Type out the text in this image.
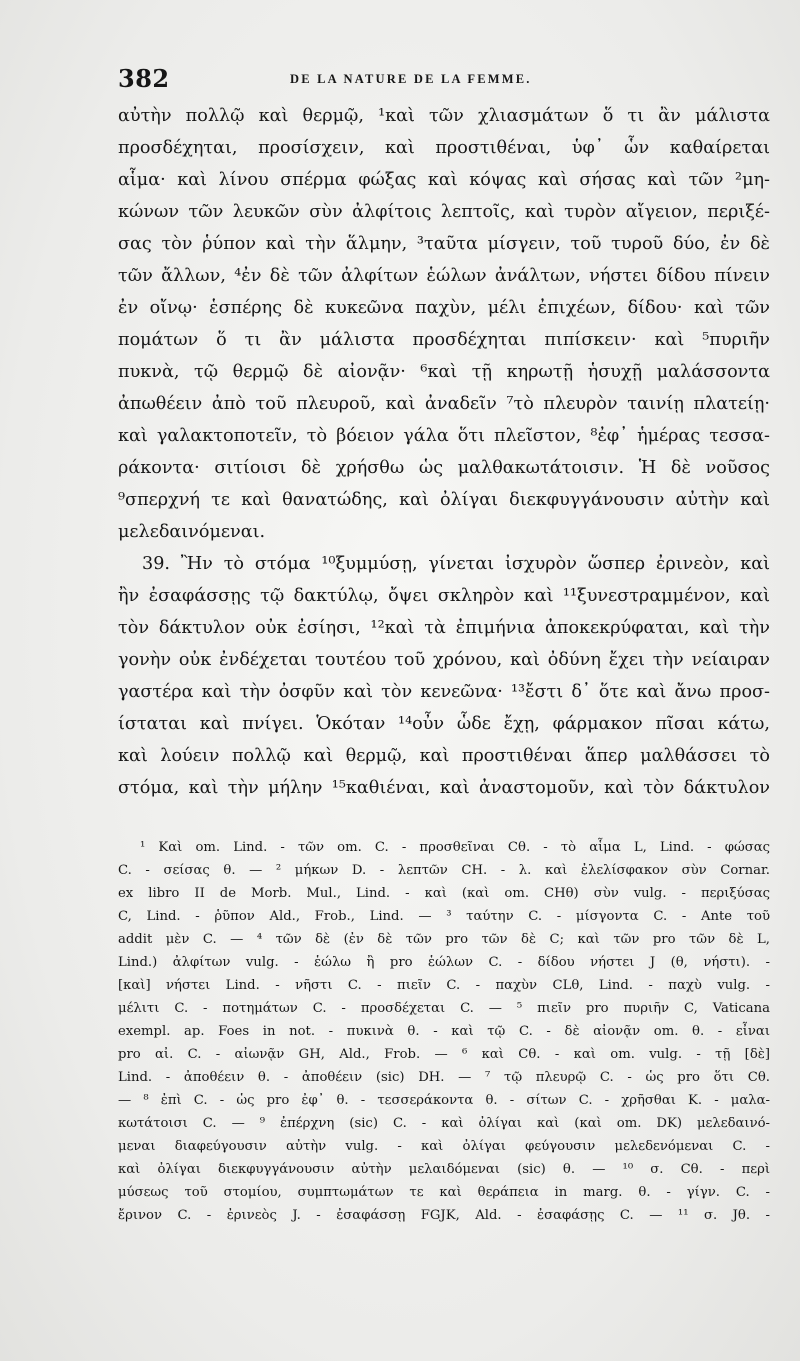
382	DE LA NATURE DE LA FEMME.
αὐτὴν πολλῷ καὶ θερμῷ, ¹καὶ τῶν χλιασμάτων ὅ τι ἂν μάλιστα
προσδέχηται, προσίσχειν, καὶ προστιθέναι, ὑφ᾽ ὧν καθαίρεται
αἷμα· καὶ λίνου σπέρμα φώξας καὶ κόψας καὶ σήσας καὶ τῶν ²μη-
κώνων τῶν λευκῶν σὺν ἀλφίτοις λεπτοῖς, καὶ τυρὸν αἴγειον, περιξέ-
σας τὸν ῥύπον καὶ τὴν ἅλμην, ³ταῦτα μίσγειν, τοῦ τυροῦ δύο, ἐν δὲ
τῶν ἄλλων, ⁴ἐν δὲ τῶν ἀλφίτων ἑώλων ἀνάλτων, νήστει δίδου πίνειν
ἐν οἴνῳ· ἑσπέρης δὲ κυκεῶνα παχὺν, μέλι ἐπιχέων, δίδου· καὶ τῶν
πομάτων ὅ τι ἂν μάλιστα προσδέχηται πιπίσκειν· καὶ ⁵πυριῆν
πυκνὰ, τῷ θερμῷ δὲ αἰονᾷν· ⁶καὶ τῇ κηρωτῇ ἡσυχῇ μαλάσσοντα
ἀπωθέειν ἀπὸ τοῦ πλευροῦ, καὶ ἀναδεῖν ⁷τὸ πλευρὸν ταινίῃ πλατείῃ·
καὶ γαλακτοποτεῖν, τὸ βόειον γάλα ὅτι πλεῖστον, ⁸ἐφ᾽ ἡμέρας τεσσα-
ράκοντα· σιτίοισι δὲ χρήσθω ὡς μαλθακωτάτοισιν. Ἡ δὲ νοῦσος
⁹σπερχνή τε καὶ θανατώδης, καὶ ὀλίγαι διεκφυγγάνουσιν αὐτὴν καὶ
μελεδαινόμεναι.
39. Ἢν τὸ στόμα ¹⁰ξυμμύσῃ, γίνεται ἰσχυρὸν ὥσπερ ἐρινεὸν, καὶ
ἢν ἐσαφάσσῃς τῷ δακτύλῳ, ὄψει σκληρὸν καὶ ¹¹ξυνεστραμμένον, καὶ
τὸν δάκτυλον οὐκ ἐσίησι, ¹²καὶ τὰ ἐπιμήνια ἀποκεκρύφαται, καὶ τὴν
γονὴν οὐκ ἐνδέχεται τουτέου τοῦ χρόνου, καὶ ὀδύνη ἔχει τὴν νείαιραν
γαστέρα καὶ τὴν ὀσφῦν καὶ τὸν κενεῶνα· ¹³ἔστι δ᾽ ὅτε καὶ ἄνω προσ-
ίσταται καὶ πνίγει. Ὁκόταν ¹⁴οὖν ὧδε ἔχῃ, φάρμακον πῖσαι κάτω,
καὶ λούειν πολλῷ καὶ θερμῷ, καὶ προστιθέναι ἅπερ μαλθάσσει τὸ
στόμα, καὶ τὴν μήλην ¹⁵καθιέναι, καὶ ἀναστομοῦν, καὶ τὸν δάκτυλον
¹ Καὶ om. Lind. - τῶν om. C. - προσθεῖναι Cθ. - τὸ αἷμα L, Lind. - φώσας
C. - σείσας θ. — ² μήκων D. - λεπτῶν CH. - λ. καὶ ἐλελίσφακον σὺν Cornar.
ex libro II de Morb. Mul., Lind. - καὶ (καὶ om. CHθ) σὺν vulg. - περιξύσας
C, Lind. - ῥῦπον Ald., Frob., Lind. — ³ ταύτην C. - μίσγοντα C. - Ante τοῦ
addit μὲν C. — ⁴ τῶν δὲ (ἐν δὲ τῶν pro τῶν δὲ C; καὶ τῶν pro τῶν δὲ L,
Lind.) ἀλφίτων vulg. - ἑώλω ἢ pro ἑώλων C. - δίδου νήστει J (θ, νήστι). -
[καὶ] νήστει Lind. - νῆστι C. - πιεῖν C. - παχὺν CLθ, Lind. - παχὺ vulg. -
μέλιτι C. - ποτημάτων C. - προσδέχεται C. — ⁵ πιεῖν pro πυριῆν C, Vaticana
exempl. ap. Foes in not. - πυκινὰ θ. - καὶ τῷ C. - δὲ αἰονᾷν om. θ. - εἶναι
pro αἰ. C. - αἰωνᾷν GH, Ald., Frob. — ⁶ καὶ Cθ. - καὶ om. vulg. - τῇ [δὲ]
Lind. - ἀποθέειν θ. - ἀποθέειν (sic) DH. — ⁷ τῷ πλευρῷ C. - ὡς pro ὅτι Cθ.
— ⁸ ἐπὶ C. - ὡς pro ἐφ᾽ θ. - τεσσεράκοντα θ. - σίτων C. - χρῆσθαι K. - μαλα-
κωτάτοισι C. — ⁹ ἐπέρχνη (sic) C. - καὶ ὀλίγαι καὶ (καὶ om. DK) μελεδαινό-
μεναι διαφεύγουσιν αὐτὴν vulg. - καὶ ὀλίγαι φεύγουσιν μελεδενόμεναι C. -
καὶ ὀλίγαι διεκφυγγάνουσιν αὐτὴν μελαιδόμεναι (sic) θ. — ¹⁰ σ. Cθ. - περὶ
μύσεως τοῦ στομίου, συμπτωμάτων τε καὶ θεράπεια in marg. θ. - γίγν. C. -
ἔρινον C. - ἐρινεὸς J. - ἐσαφάσσῃ FGJK, Ald. - ἐσαφάσῃς C. — ¹¹ σ. Jθ. -
